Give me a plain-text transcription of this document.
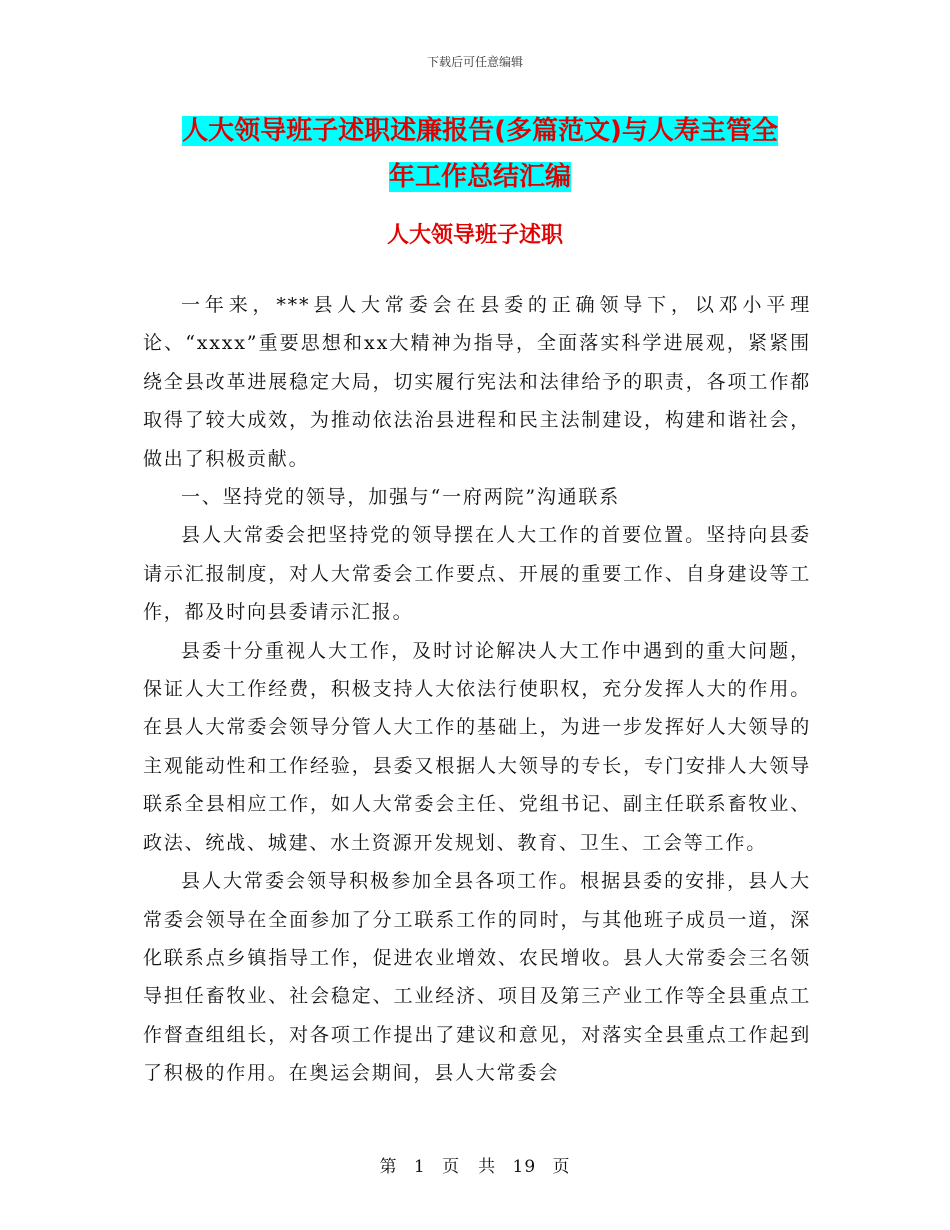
下载后可任意编辑
人大领导班子述职述廉报告(多篇范文)与人寿主管全
年工作总结汇编
人大领导班子述职

一年来，***县人大常委会在县委的正确领导下，以邓小平理论、“xxxx”重要思想和xx大精神为指导，全面落实科学进展观，紧紧围绕全县改革进展稳定大局，切实履行宪法和法律给予的职责，各项工作都取得了较大成效，为推动依法治县进程和民主法制建设，构建和谐社会，做出了积极贡献。

一、坚持党的领导，加强与“一府两院”沟通联系

县人大常委会把坚持党的领导摆在人大工作的首要位置。坚持向县委请示汇报制度，对人大常委会工作要点、开展的重要工作、自身建设等工作，都及时向县委请示汇报。

县委十分重视人大工作，及时讨论解决人大工作中遇到的重大问题，保证人大工作经费，积极支持人大依法行使职权，充分发挥人大的作用。在县人大常委会领导分管人大工作的基础上，为进一步发挥好人大领导的主观能动性和工作经验，县委又根据人大领导的专长，专门安排人大领导联系全县相应工作，如人大常委会主任、党组书记、副主任联系畜牧业、政法、统战、城建、水土资源开发规划、教育、卫生、工会等工作。

县人大常委会领导积极参加全县各项工作。根据县委的安排，县人大常委会领导在全面参加了分工联系工作的同时，与其他班子成员一道，深化联系点乡镇指导工作，促进农业增效、农民增收。县人大常委会三名领导担任畜牧业、社会稳定、工业经济、项目及第三产业工作等全县重点工作督查组组长，对各项工作提出了建议和意见，对落实全县重点工作起到了积极的作用。在奥运会期间，县人大常委会

第 1 页　共 19 页
